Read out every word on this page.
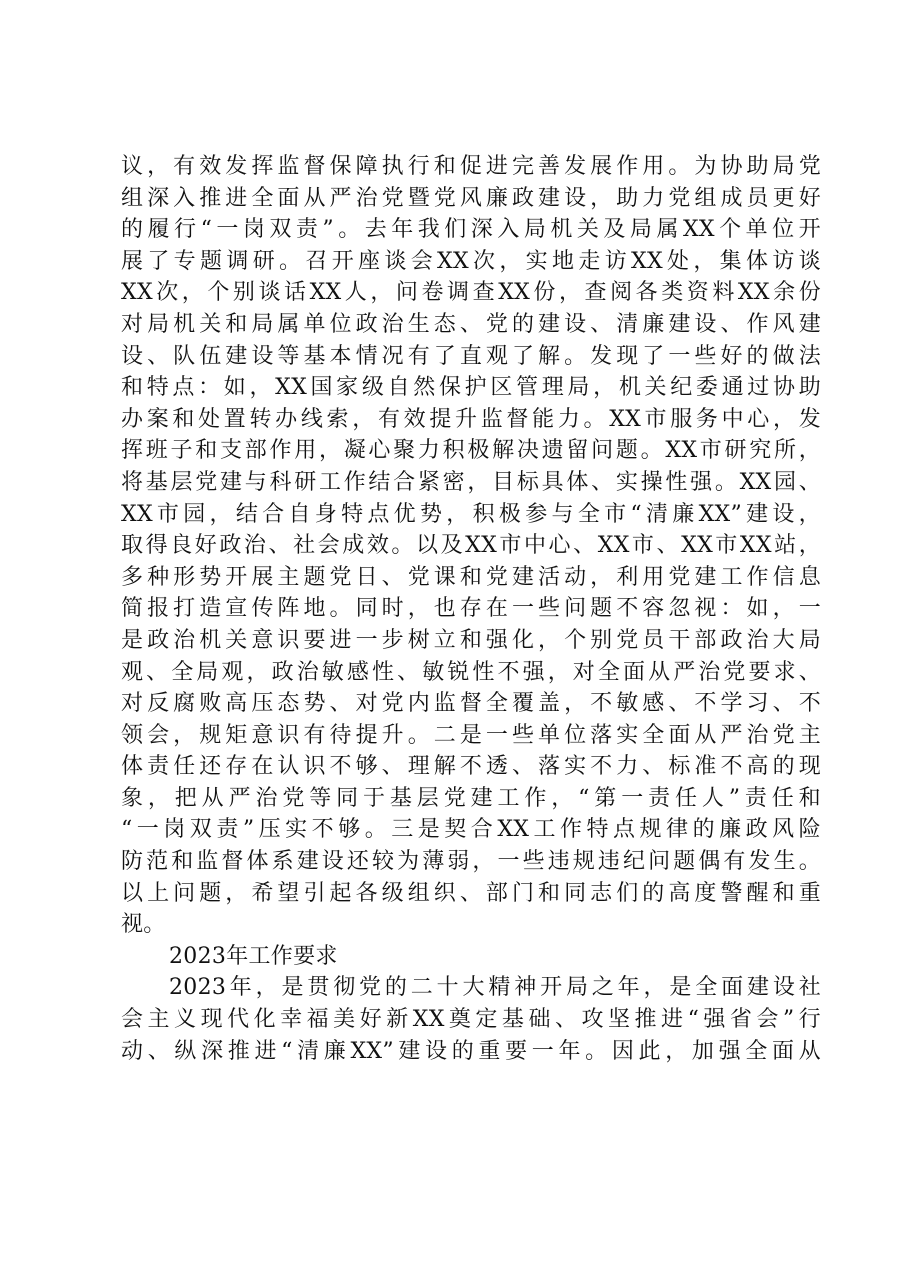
议，有效发挥监督保障执行和促进完善发展作用。为协助局党
组深入推进全面从严治党暨党风廉政建设，助力党组成员更好
的履行“一岗双责”。去年我们深入局机关及局属XX个单位开
展了专题调研。召开座谈会XX次，实地走访XX处，集体访谈
XX次，个别谈话XX人，问卷调查XX份，查阅各类资料XX余份
对局机关和局属单位政治生态、党的建设、清廉建设、作风建
设、队伍建设等基本情况有了直观了解。发现了一些好的做法
和特点：如，XX国家级自然保护区管理局，机关纪委通过协助
办案和处置转办线索，有效提升监督能力。XX市服务中心，发
挥班子和支部作用，凝心聚力积极解决遗留问题。XX市研究所，
将基层党建与科研工作结合紧密，目标具体、实操性强。XX园、
XX市园，结合自身特点优势，积极参与全市“清廉XX”建设，
取得良好政治、社会成效。以及XX市中心、XX市、XX市XX站，
多种形势开展主题党日、党课和党建活动，利用党建工作信息
简报打造宣传阵地。同时，也存在一些问题不容忽视：如，一
是政治机关意识要进一步树立和强化，个别党员干部政治大局
观、全局观，政治敏感性、敏锐性不强，对全面从严治党要求、
对反腐败高压态势、对党内监督全覆盖，不敏感、不学习、不
领会，规矩意识有待提升。二是一些单位落实全面从严治党主
体责任还存在认识不够、理解不透、落实不力、标准不高的现
象，把从严治党等同于基层党建工作，“第一责任人”责任和
“一岗双责”压实不够。三是契合XX工作特点规律的廉政风险
防范和监督体系建设还较为薄弱，一些违规违纪问题偶有发生。
以上问题，希望引起各级组织、部门和同志们的高度警醒和重
视。
2023年工作要求
2023年，是贯彻党的二十大精神开局之年，是全面建设社
会主义现代化幸福美好新XX奠定基础、攻坚推进“强省会”行
动、纵深推进“清廉XX”建设的重要一年。因此，加强全面从
